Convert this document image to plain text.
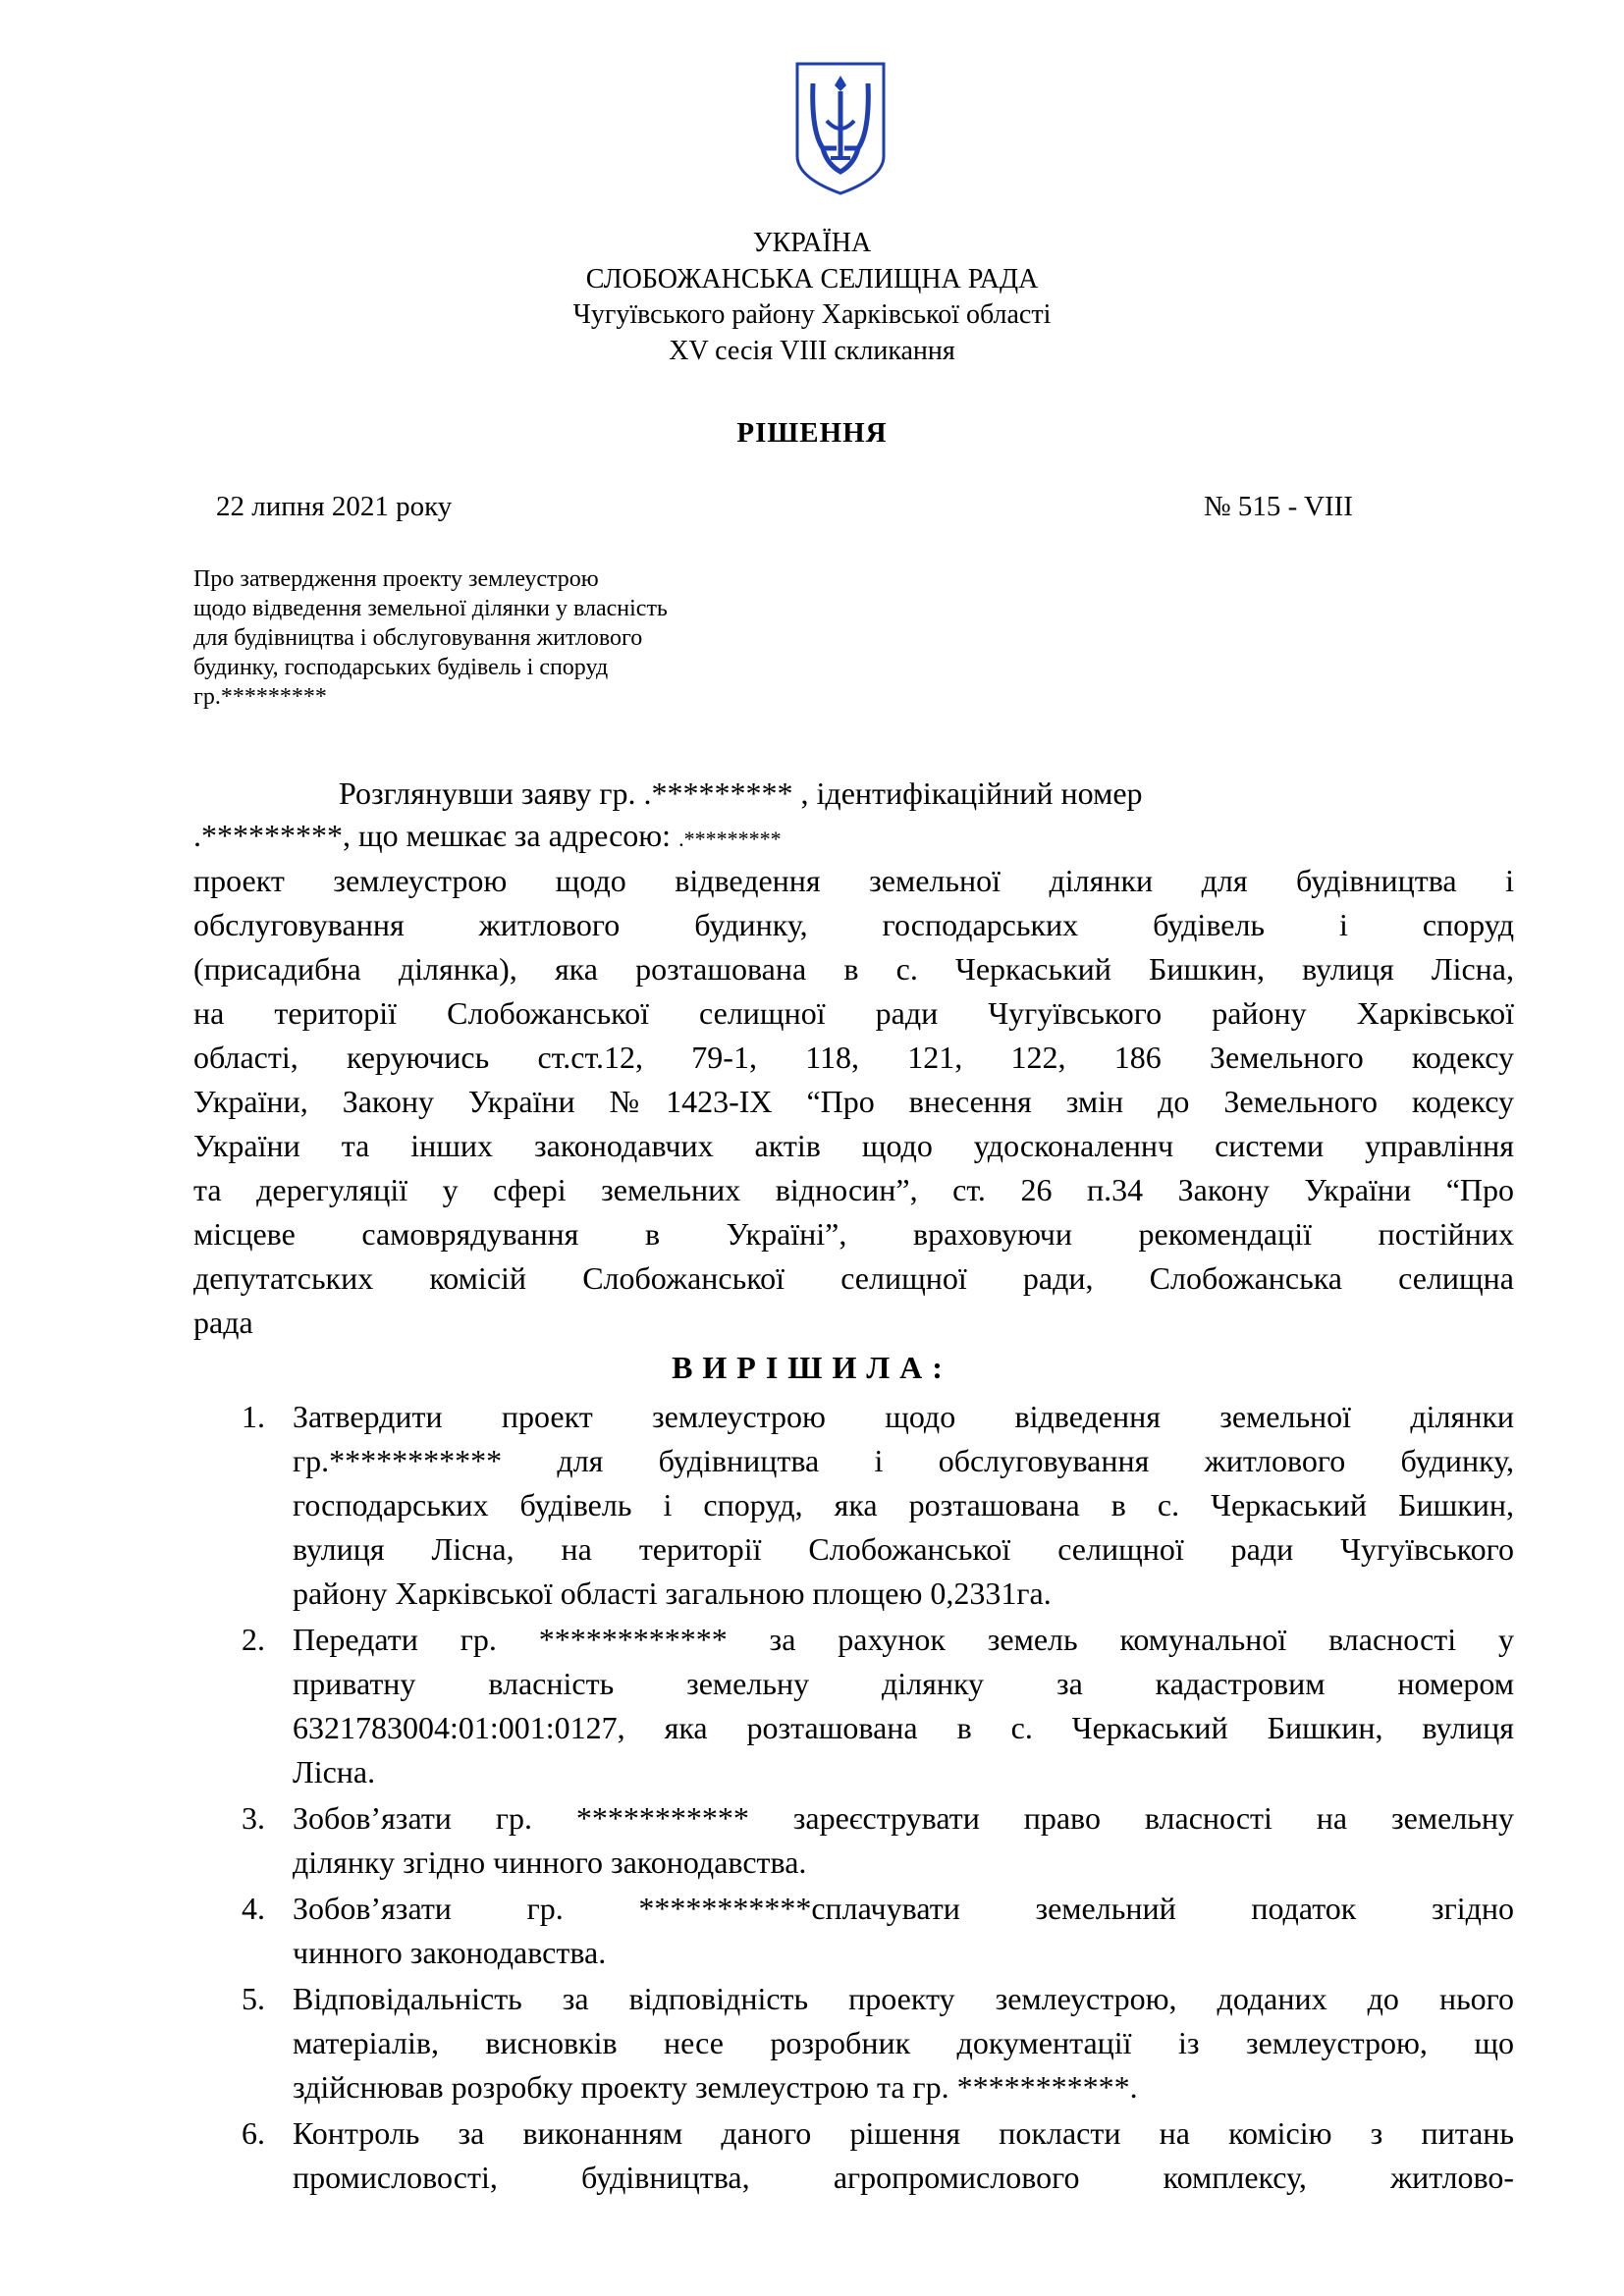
УКРАЇНА
СЛОБОЖАНСЬКА СЕЛИЩНА РАДА
Чугуївського району Харківської області
XV сесія VIII скликання
РІШЕННЯ
22 липня 2021 року	№ 515 - VIII
Про затвердження проекту землеустрою
щодо відведення земельної ділянки у власність
для будівництва і обслуговування житлового
будинку, господарських будівель і споруд
гр.*********
Розглянувши заяву гр. .********* , ідентифікаційний номер
.*********, що мешкає за адресою: .*********
проект землеустрою щодо відведення земельної ділянки для будівництва і
обслуговування житлового будинку, господарських будівель і споруд
(присадибна ділянка), яка розташована в с. Черкаський Бишкин, вулиця Лісна,
на території Слобожанської селищної ради Чугуївського району Харківської
області, керуючись ст.ст.12, 79-1, 118, 121, 122, 186 Земельного кодексу
України, Закону України №1423-IX “Про внесення змін до Земельного кодексу
України та інших законодавчих актів щодо удосконаленнч системи управління
та дерегуляції у сфері земельних відносин”, ст. 26 п.34 Закону України “Про
місцеве самоврядування в Україні”, враховуючи рекомендації постійних
депутатських комісій Слобожанської селищної ради, Слобожанська селищна
рада
ВИРІШИЛА:
1. Затвердити проект землеустрою щодо відведення земельної ділянки
гр.*********** для будівництва і обслуговування житлового будинку,
господарських будівель і споруд, яка розташована в с. Черкаський Бишкин,
вулиця Лісна, на території Слобожанської селищної ради Чугуївського
району Харківської області загальною площею 0,2331га.
2. Передати гр. ************ за рахунок земель комунальної власності у
приватну власність земельну ділянку за кадастровим номером
6321783004:01:001:0127, яка розташована в с. Черкаський Бишкин, вулиця
Лісна.
3. Зобов’язати гр. *********** зареєструвати право власності на земельну
ділянку згідно чинного законодавства.
4. Зобов’язати гр. ***********сплачувати земельний податок згідно
чинного законодавства.
5. Відповідальність за відповідність проекту землеустрою, доданих до нього
матеріалів, висновків несе розробник документації із землеустрою, що
здійснював розробку проекту землеустрою та гр. ***********.
6. Контроль за виконанням даного рішення покласти на комісію з питань
промисловості, будівництва, агропромислового комплексу, житлово-
